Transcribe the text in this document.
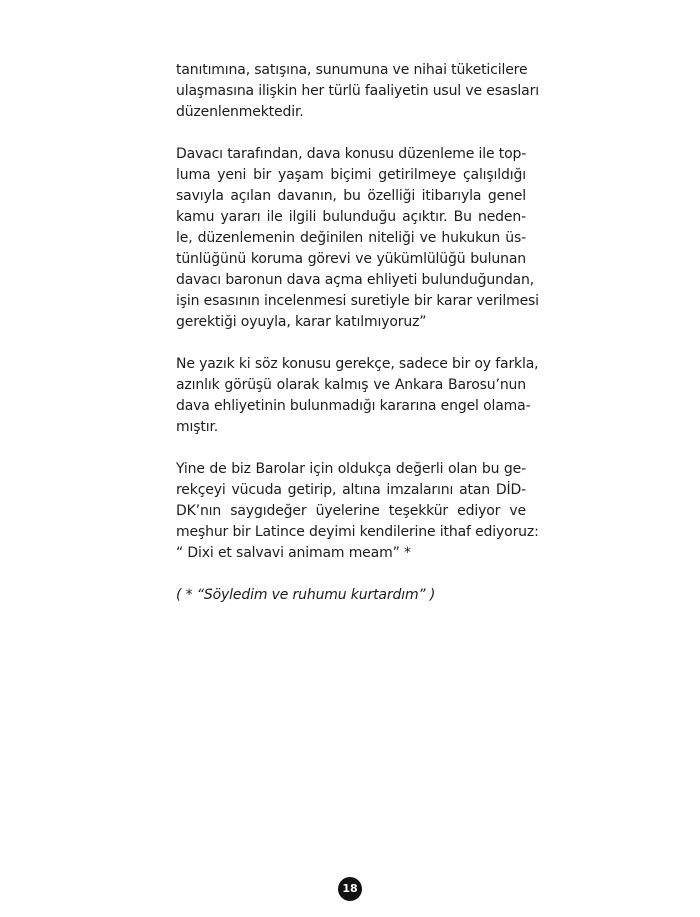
tanıtımına, satışına, sunumuna ve nihai tüketicilere
ulaşmasına ilişkin her türlü faaliyetin usul ve esasları
düzenlenmektedir.
Davacı tarafından, dava konusu düzenleme ile top-
luma yeni bir yaşam biçimi getirilmeye çalışıldığı
savıyla açılan davanın, bu özelliği itibarıyla genel
kamu yararı ile ilgili bulunduğu açıktır. Bu neden-
le, düzenlemenin değinilen niteliği ve hukukun üs-
tünlüğünü koruma görevi ve yükümlülüğü bulunan
davacı baronun dava açma ehliyeti bulunduğundan,
işin esasının incelenmesi suretiyle bir karar verilmesi
gerektiği oyuyla, karar katılmıyoruz”
Ne yazık ki söz konusu gerekçe, sadece bir oy farkla,
azınlık görüşü olarak kalmış ve Ankara Barosu’nun
dava ehliyetinin bulunmadığı kararına engel olama-
mıştır.
Yine de biz Barolar için oldukça değerli olan bu ge-
rekçeyi vücuda getirip, altına imzalarını atan DİD-
DK’nın saygıdeğer üyelerine teşekkür ediyor ve
meşhur bir Latince deyimi kendilerine ithaf ediyoruz:
“ Dixi et salvavi animam meam” *
( * “Söyledim ve ruhumu kurtardım” )
18
